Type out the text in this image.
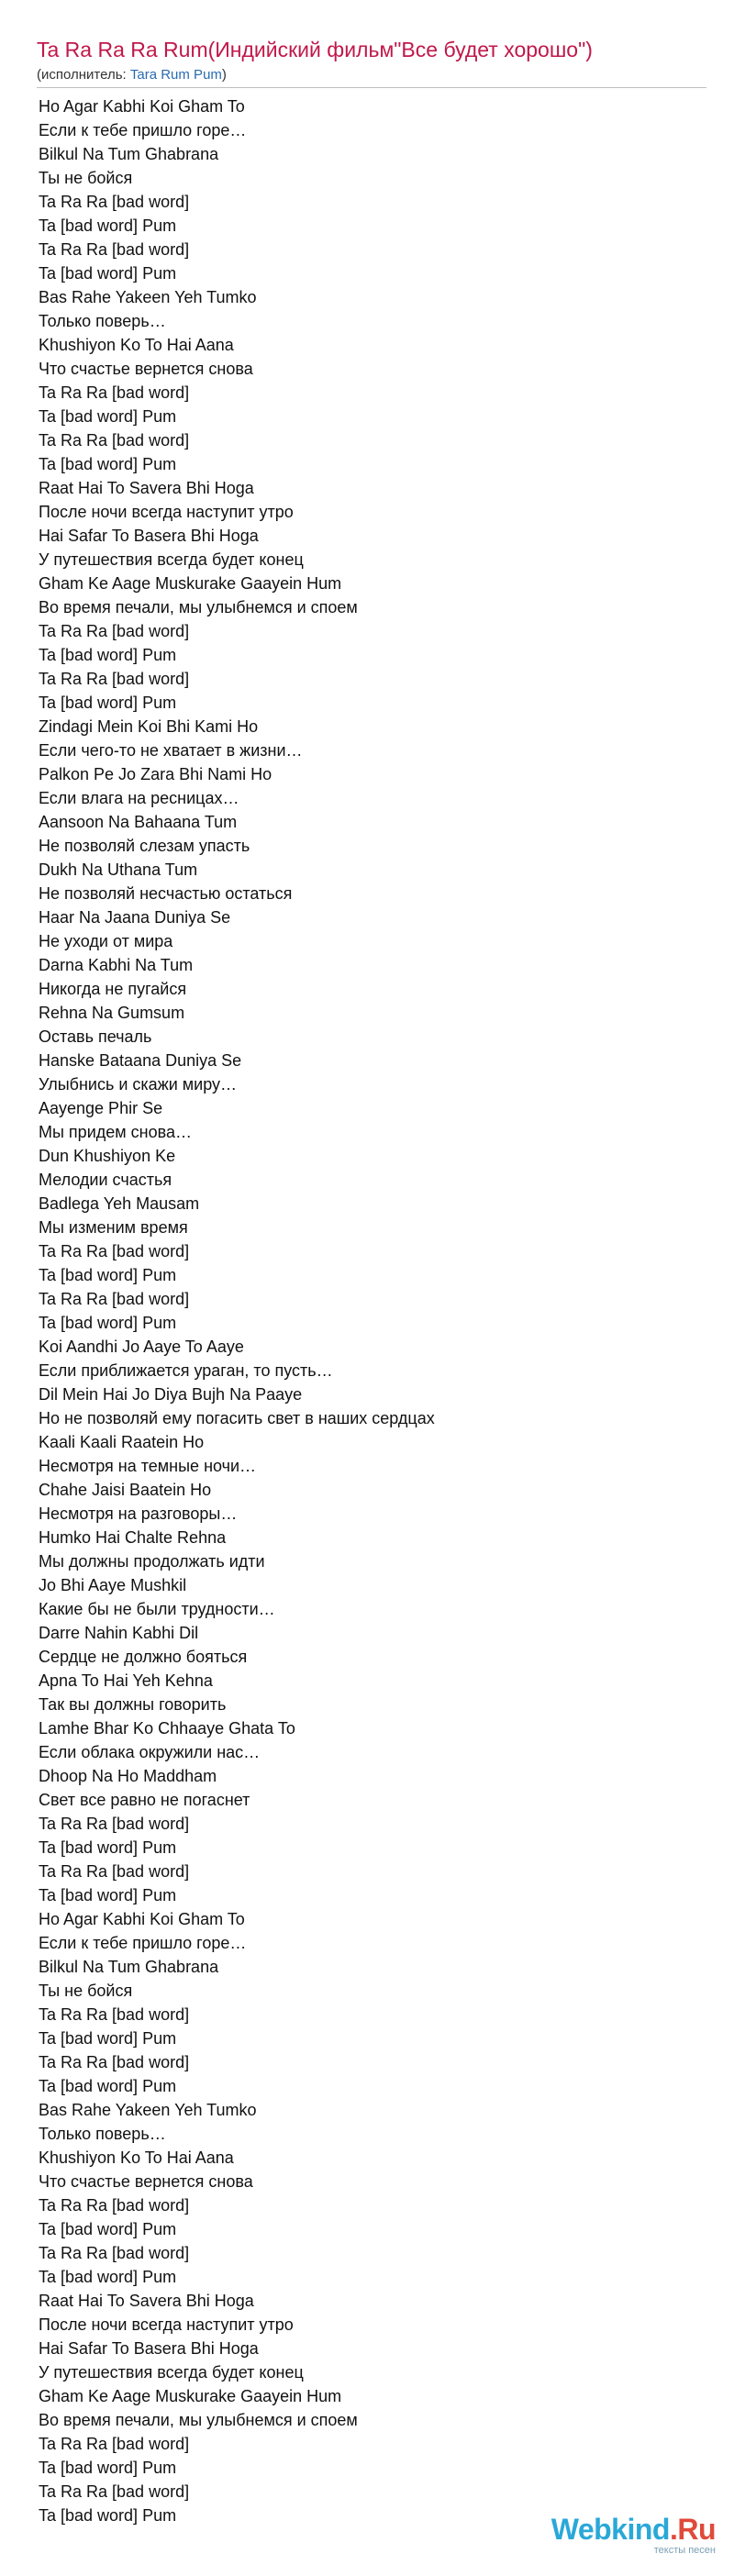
Ta Ra Ra Ra Rum(Индийский фильм"Все будет хорошо")
(исполнитель: Tara Rum Pum)
Ho Agar Kabhi Koi Gham To
Если к тебе пришло горе…
Bilkul Na Tum Ghabrana
Ты не бойся
Ta Ra Ra [bad word]
Ta [bad word] Pum
Ta Ra Ra [bad word]
Ta [bad word] Pum
Bas Rahe Yakeen Yeh Tumko
Только поверь…
Khushiyon Ko To Hai Aana
Что счастье вернется снова
Ta Ra Ra [bad word]
Ta [bad word] Pum
Ta Ra Ra [bad word]
Ta [bad word] Pum
Raat Hai To Savera Bhi Hoga
После ночи всегда наступит утро
Hai Safar To Basera Bhi Hoga
У путешествия всегда будет конец
Gham Ke Aage Muskurake Gaayein Hum
Во время печали, мы улыбнемся и споем
Ta Ra Ra [bad word]
Ta [bad word] Pum
Ta Ra Ra [bad word]
Ta [bad word] Pum
Zindagi Mein Koi Bhi Kami Ho
Если чего-то не хватает в жизни…
Palkon Pe Jo Zara Bhi Nami Ho
Если влага на ресницах…
Aansoon Na Bahaana Tum
Не позволяй слезам упасть
Dukh Na Uthana Tum
Не позволяй несчастью остаться
Haar Na Jaana Duniya Se
Не уходи от мира
Darna Kabhi Na Tum
Никогда не пугайся
Rehna Na Gumsum
Оставь печаль
Hanske Bataana Duniya Se
Улыбнись и скажи миру…
Aayenge Phir Se
Мы придем снова…
Dun Khushiyon Ke
Мелодии счастья
Badlega Yeh Mausam
Мы изменим время
Ta Ra Ra [bad word]
Ta [bad word] Pum
Ta Ra Ra [bad word]
Ta [bad word] Pum
Koi Aandhi Jo Aaye To Aaye
Если приближается ураган, то пусть…
Dil Mein Hai Jo Diya Bujh Na Paaye
Но не позволяй ему погасить свет в наших сердцах
Kaali Kaali Raatein Ho
Несмотря на темные ночи…
Chahe Jaisi Baatein Ho
Несмотря на разговоры…
Humko Hai Chalte Rehna
Мы должны продолжать идти
Jo Bhi Aaye Mushkil
Какие бы не были трудности…
Darre Nahin Kabhi Dil
Сердце не должно бояться
Apna To Hai Yeh Kehna
Так вы должны говорить
Lamhe Bhar Ko Chhaaye Ghata To
Если облака окружили нас…
Dhoop Na Ho Maddham
Свет все равно не погаснет
Ta Ra Ra [bad word]
Ta [bad word] Pum
Ta Ra Ra [bad word]
Ta [bad word] Pum
Ho Agar Kabhi Koi Gham To
Если к тебе пришло горе…
Bilkul Na Tum Ghabrana
Ты не бойся
Ta Ra Ra [bad word]
Ta [bad word] Pum
Ta Ra Ra [bad word]
Ta [bad word] Pum
Bas Rahe Yakeen Yeh Tumko
Только поверь…
Khushiyon Ko To Hai Aana
Что счастье вернется снова
Ta Ra Ra [bad word]
Ta [bad word] Pum
Ta Ra Ra [bad word]
Ta [bad word] Pum
Raat Hai To Savera Bhi Hoga
После ночи всегда наступит утро
Hai Safar To Basera Bhi Hoga
У путешествия всегда будет конец
Gham Ke Aage Muskurake Gaayein Hum
Во время печали, мы улыбнемся и споем
Ta Ra Ra [bad word]
Ta [bad word] Pum
Ta Ra Ra [bad word]
Ta [bad word] Pum	Webkind.Ru
тексты песен
